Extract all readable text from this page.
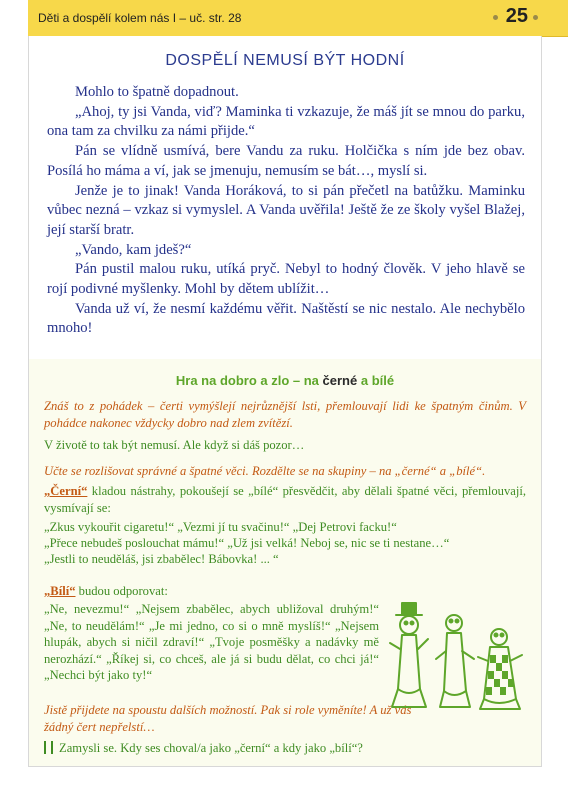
Děti a dospělí kolem nás I – uč. str. 28	25
DOSPĚLÍ NEMUSÍ BÝT HODNÍ

Mohlo to špatně dopadnout.

„Ahoj, ty jsi Vanda, viď? Maminka ti vzkazuje, že máš jít se mnou do parku, ona tam za chvilku za námi přijde.“

Pán se vlídně usmívá, bere Vandu za ruku. Holčička s ním jde bez obav. Posílá ho máma a ví, jak se jmenuju, nemusím se bát…, myslí si.

Jenže je to jinak! Vanda Horáková, to si pán přečetl na batůžku. Maminku vůbec nezná – vzkaz si vymyslel. A Vanda uvěřila! Ještě že ze školy vyšel Blažej, její starší bratr.

„Vando, kam jdeš?“

Pán pustil malou ruku, utíká pryč. Nebyl to hodný člověk. V jeho hlavě se rojí podivné myšlenky. Mohl by dětem ublížit…

Vanda už ví, že nesmí každému věřit. Naštěstí se nic nestalo. Ale nechybělo mnoho!

Hra na dobro a zlo – na černé a bílé
Znáš to z pohádek – čerti vymýšlejí nejrůznější lsti, přemlouvají lidi ke špatným činům. V pohádce nakonec vždycky dobro nad zlem zvítězí.
V životě to tak být nemusí. Ale když si dáš pozor…
Učte se rozlišovat správné a špatné věci. Rozdělte se na skupiny – na „černé“ a „bílé“.
„Černí“ kladou nástrahy, pokoušejí se „bílé“ přesvědčit, aby dělali špatné věci, přemlouvají, vysmívají se:
„Zkus vykouřit cigaretu!“ „Vezmi jí tu svačinu!“ „Dej Petrovi facku!“
„Přece nebudeš poslouchat mámu!“ „Už jsi velká! Neboj se, nic se ti nestane…“
„Jestli to neuděláš, jsi zbabělec! Bábovka! ... “
„Bílí“ budou odporovat:
„Ne, nevezmu!“ „Nejsem zbabělec, abych ubližoval druhým!“ „Ne, to neudělám!“ „Je mi jedno, co si o mně myslíš!“ „Nejsem hlupák, abych si ničil zdraví!“ „Tvoje posměšky a nadávky mě nerozhází.“ „Říkej si, co chceš, ale já si budu dělat, co chci já!“ „Nechci být jako ty!“
Jistě přijdete na spoustu dalších možností. Pak si role vyměníte! A už vás žádný čert nepřelstí…
Zamysli se. Kdy ses choval/a jako „černí“ a kdy jako „bílí“?
